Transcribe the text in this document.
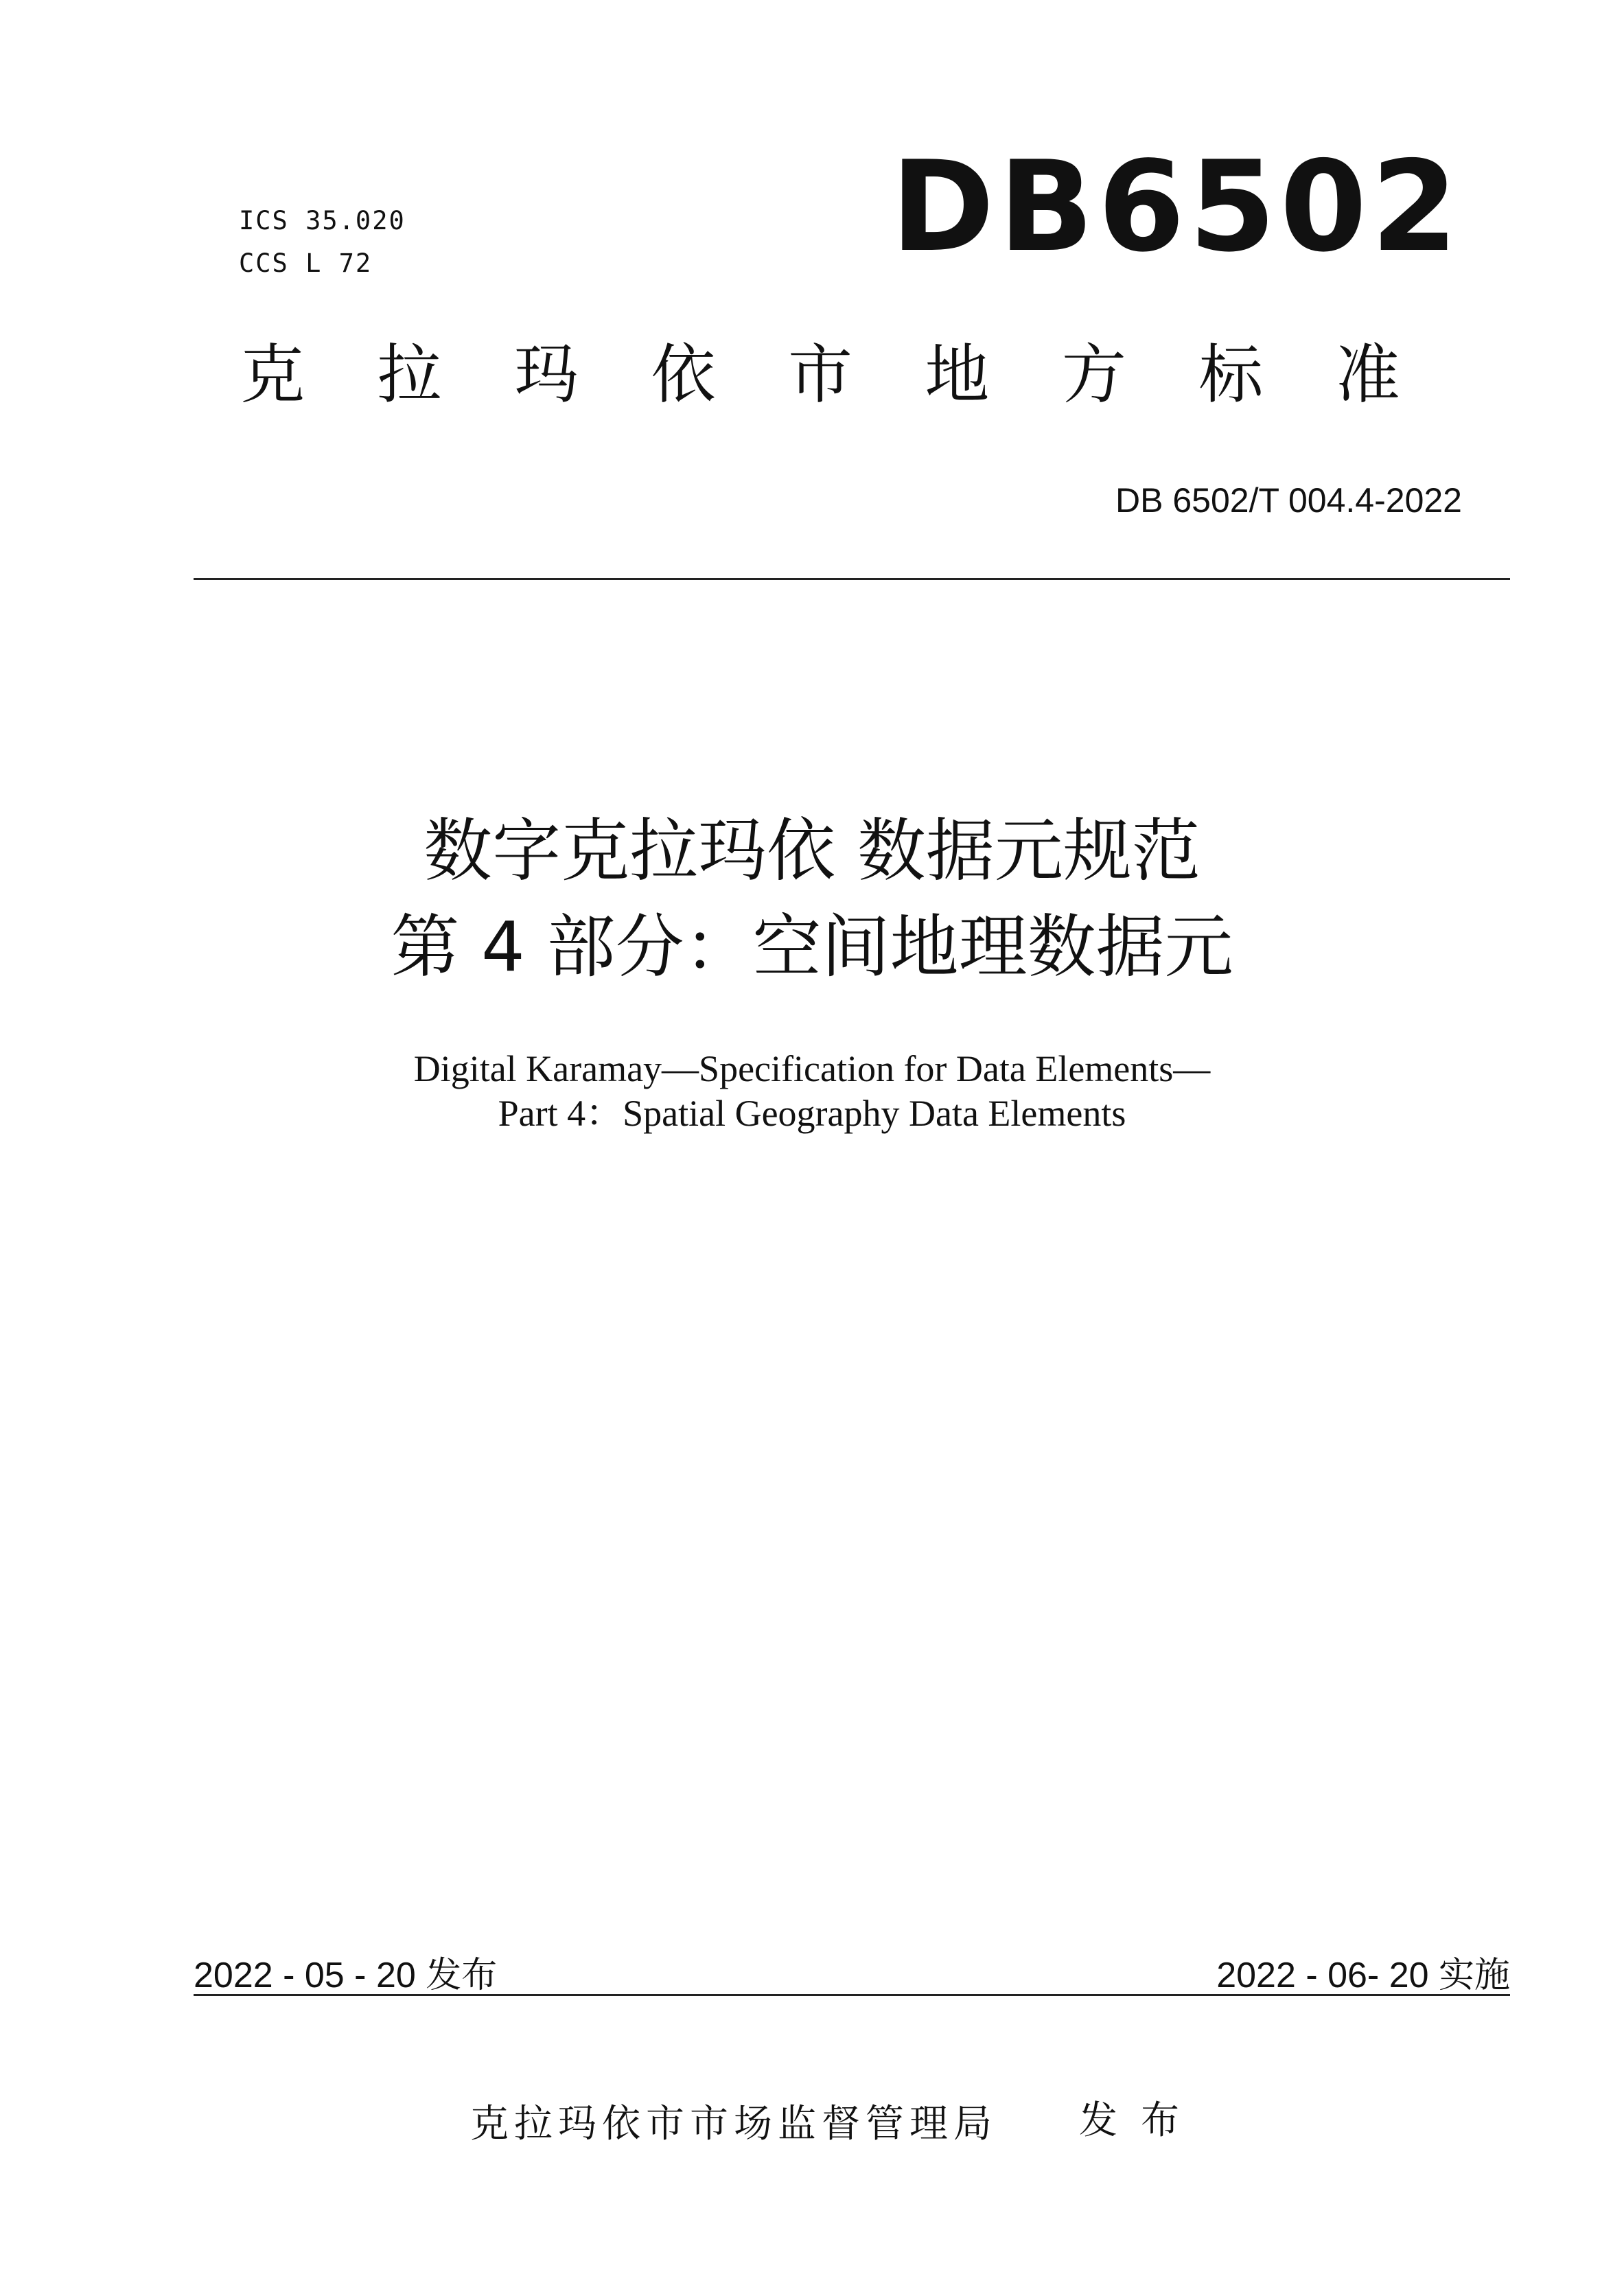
ICS 35.020
CCS L 72	DB6502
克 拉 玛 依 市 地 方 标 准
DB 6502/T 004.4-2022
数字克拉玛依 数据元规范
第 4 部分：空间地理数据元
Digital Karamay—Specification for Data Elements—
Part 4：Spatial Geography Data Elements
2022 - 05 - 20 发布	2022 - 06- 20 实施
克拉玛依市市场监督管理局 发布
